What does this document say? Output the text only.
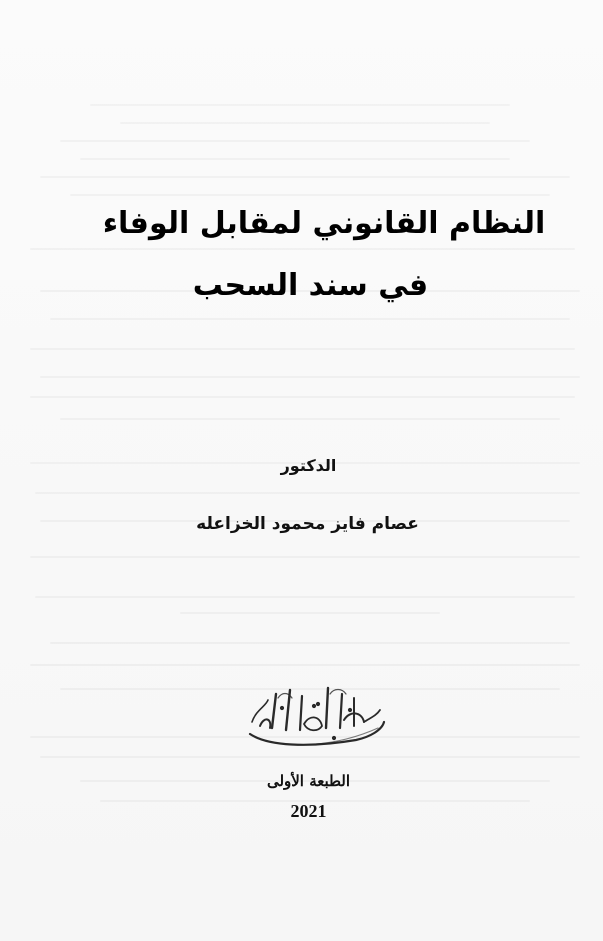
النظام القانوني لمقابل الوفاء
في سند السحب
الدكتور
عصام فايز محمود الخزاعله
الطبعة الأولى
2021
